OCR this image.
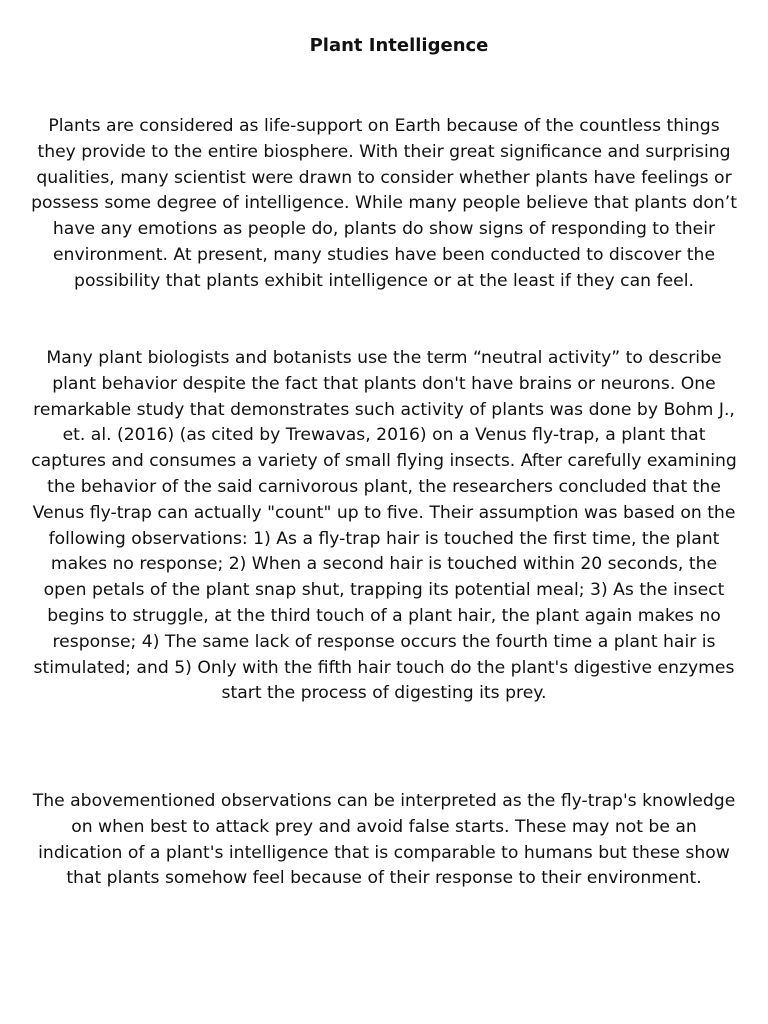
Plant Intelligence

Plants are considered as life-support on Earth because of the countless things they provide to the entire biosphere. With their great significance and surprising qualities, many scientist were drawn to consider whether plants have feelings or possess some degree of intelligence. While many people believe that plants don’t have any emotions as people do, plants do show signs of responding to their environment. At present, many studies have been conducted to discover the possibility that plants exhibit intelligence or at the least if they can feel.

Many plant biologists and botanists use the term “neutral activity” to describe plant behavior despite the fact that plants don't have brains or neurons. One remarkable study that demonstrates such activity of plants was done by Bohm J., et. al. (2016) (as cited by Trewavas, 2016) on a Venus fly-trap, a plant that captures and consumes a variety of small flying insects. After carefully examining the behavior of the said carnivorous plant, the researchers concluded that the Venus fly-trap can actually "count" up to five. Their assumption was based on the following observations: 1) As a fly-trap hair is touched the first time, the plant makes no response; 2) When a second hair is touched within 20 seconds, the open petals of the plant snap shut, trapping its potential meal; 3) As the insect begins to struggle, at the third touch of a plant hair, the plant again makes no response; 4) The same lack of response occurs the fourth time a plant hair is stimulated; and 5) Only with the fifth hair touch do the plant's digestive enzymes start the process of digesting its prey.

The abovementioned observations can be interpreted as the fly-trap's knowledge on when best to attack prey and avoid false starts. These may not be an indication of a plant's intelligence that is comparable to humans but these show that plants somehow feel because of their response to their environment.
